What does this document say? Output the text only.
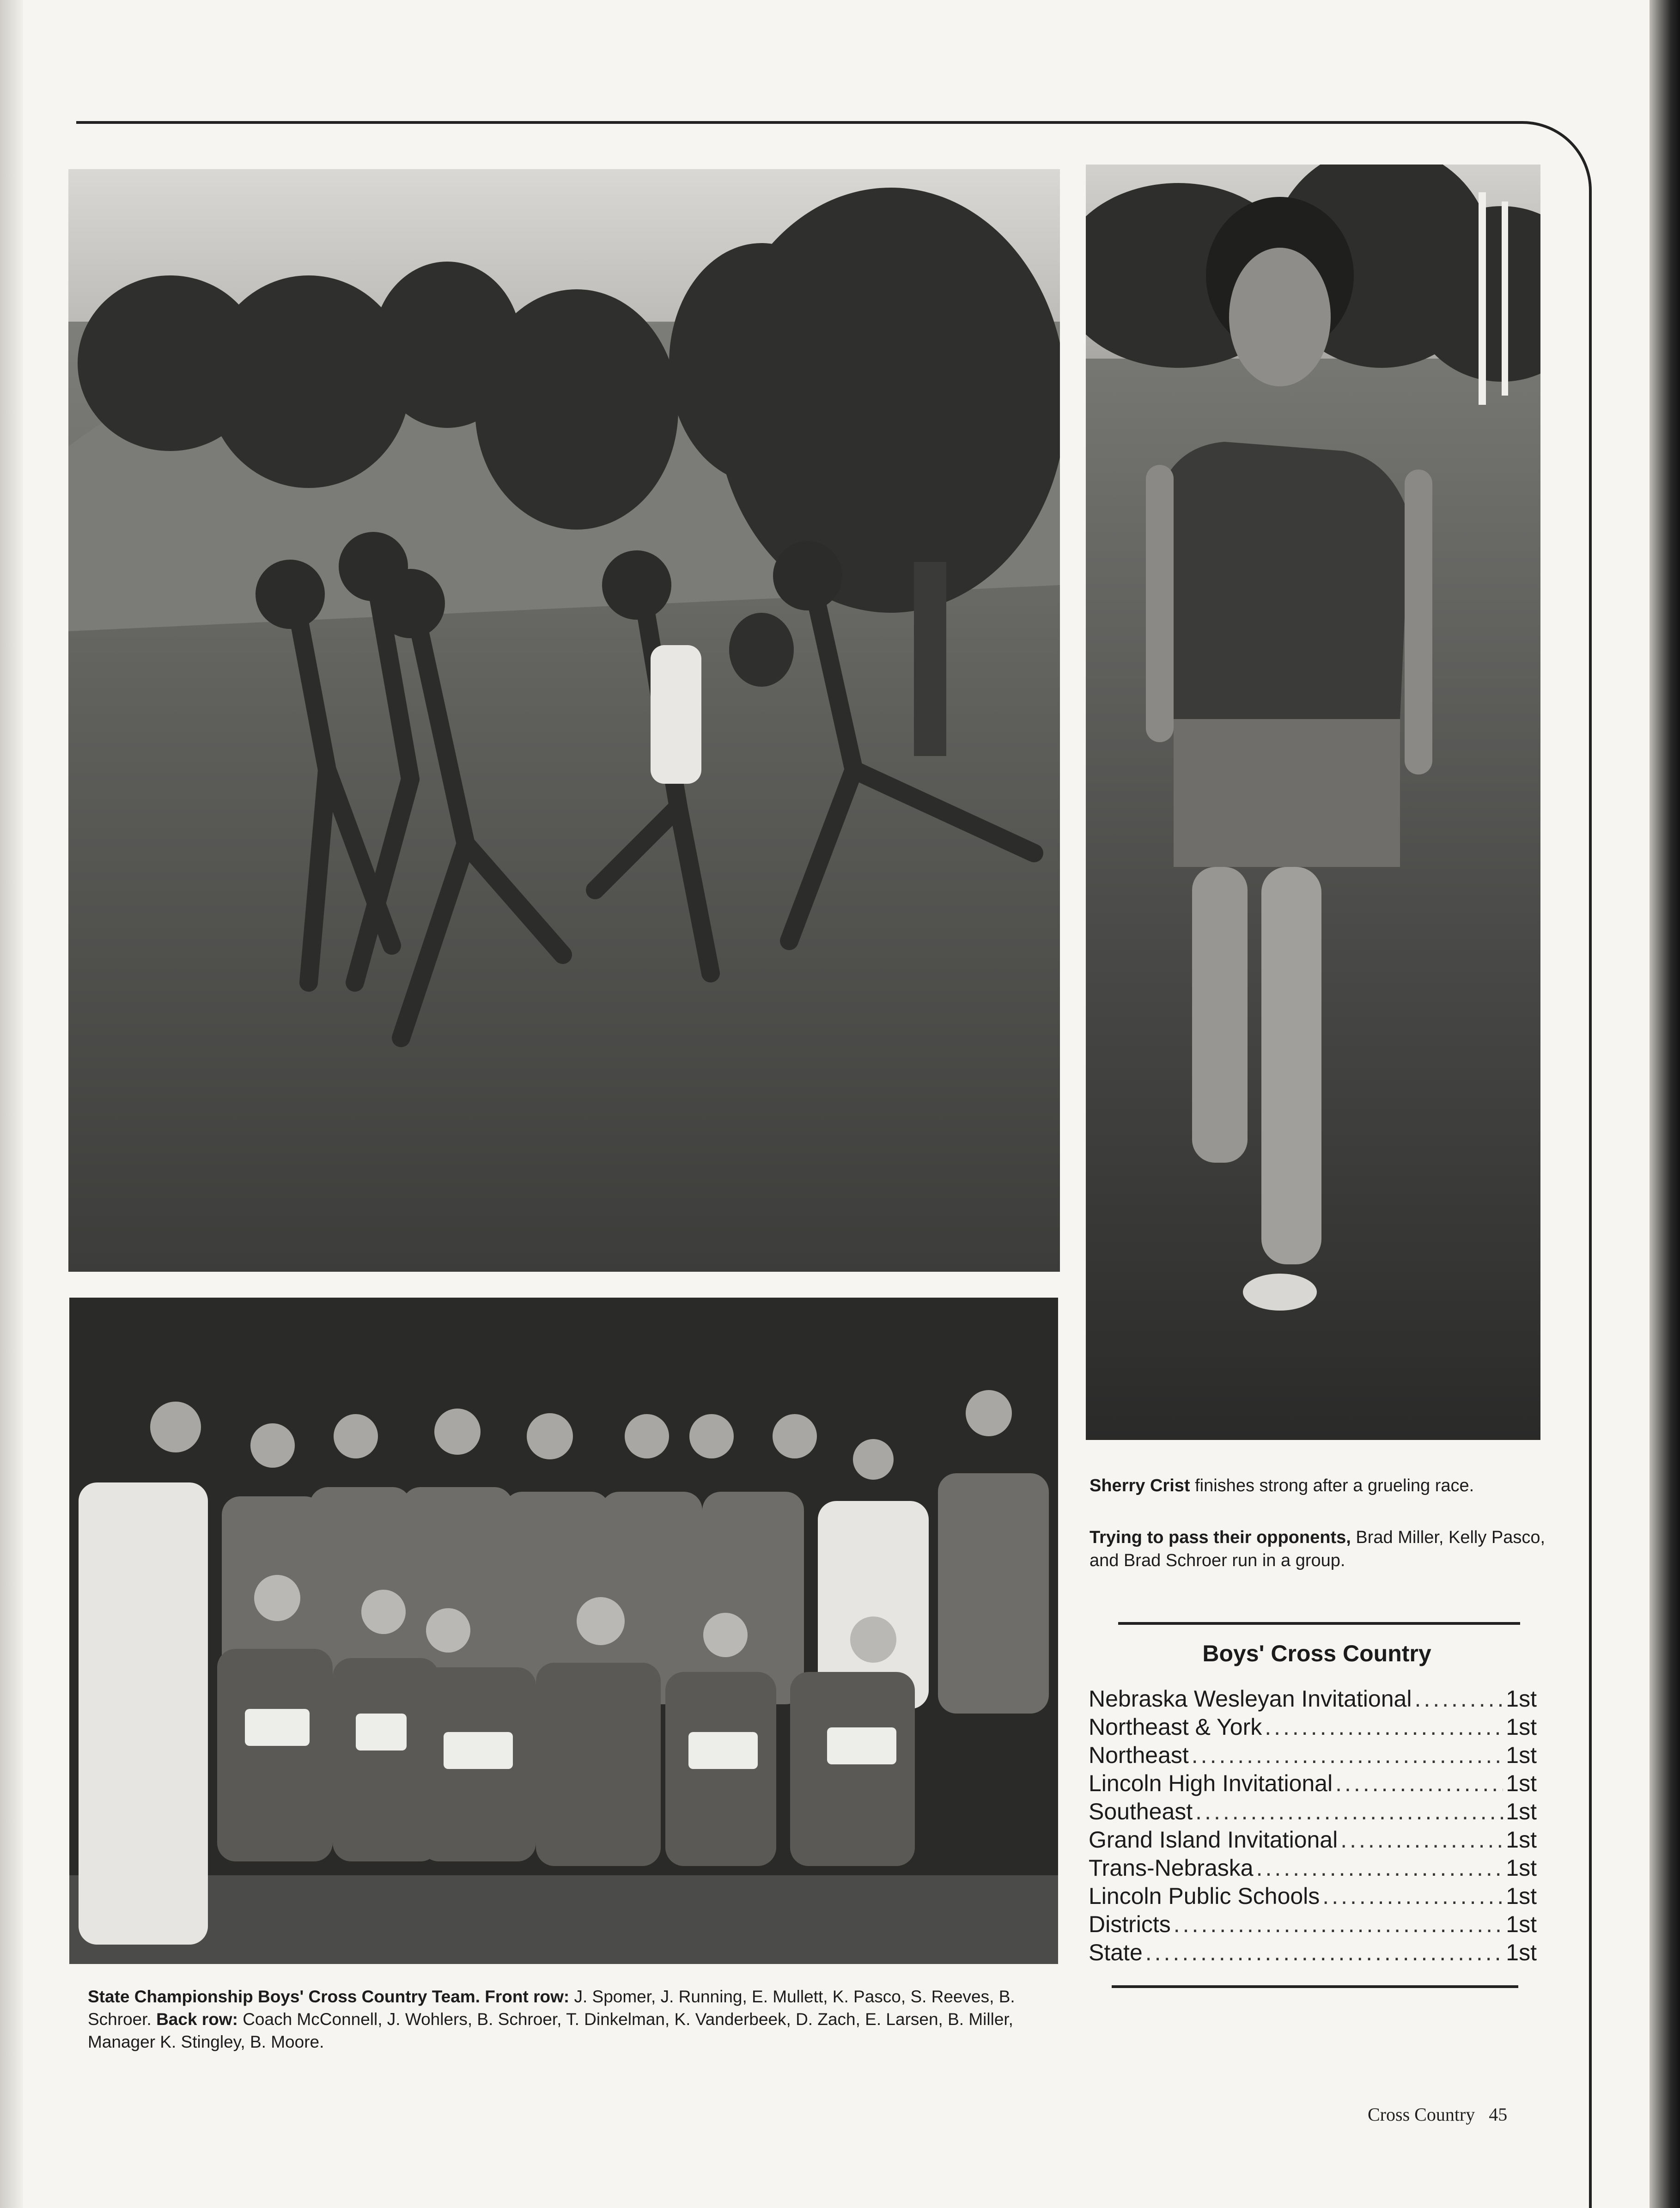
Sherry Crist finishes strong after a grueling race.
Trying to pass their opponents, Brad Miller, Kelly Pasco, and Brad Schroer run in a group.
State Championship Boys' Cross Country Team. Front row: J. Spomer, J. Running, E. Mullett, K. Pasco, S. Reeves, B. Schroer. Back row: Coach McConnell, J. Wohlers, B. Schroer, T. Dinkelman, K. Vanderbeek, D. Zach, E. Larsen, B. Miller, Manager K. Stingley, B. Moore.
Boys' Cross Country
Nebraska Wesleyan Invitational .....	1st
Northeast & York .....	1st
Northeast .....	1st
Lincoln High Invitational .....	1st
Southeast .....	1st
Grand Island Invitational .....	1st
Trans-Nebraska .....	1st
Lincoln Public Schools .....	1st
Districts .....	1st
State .....	1st
Cross Country 45
